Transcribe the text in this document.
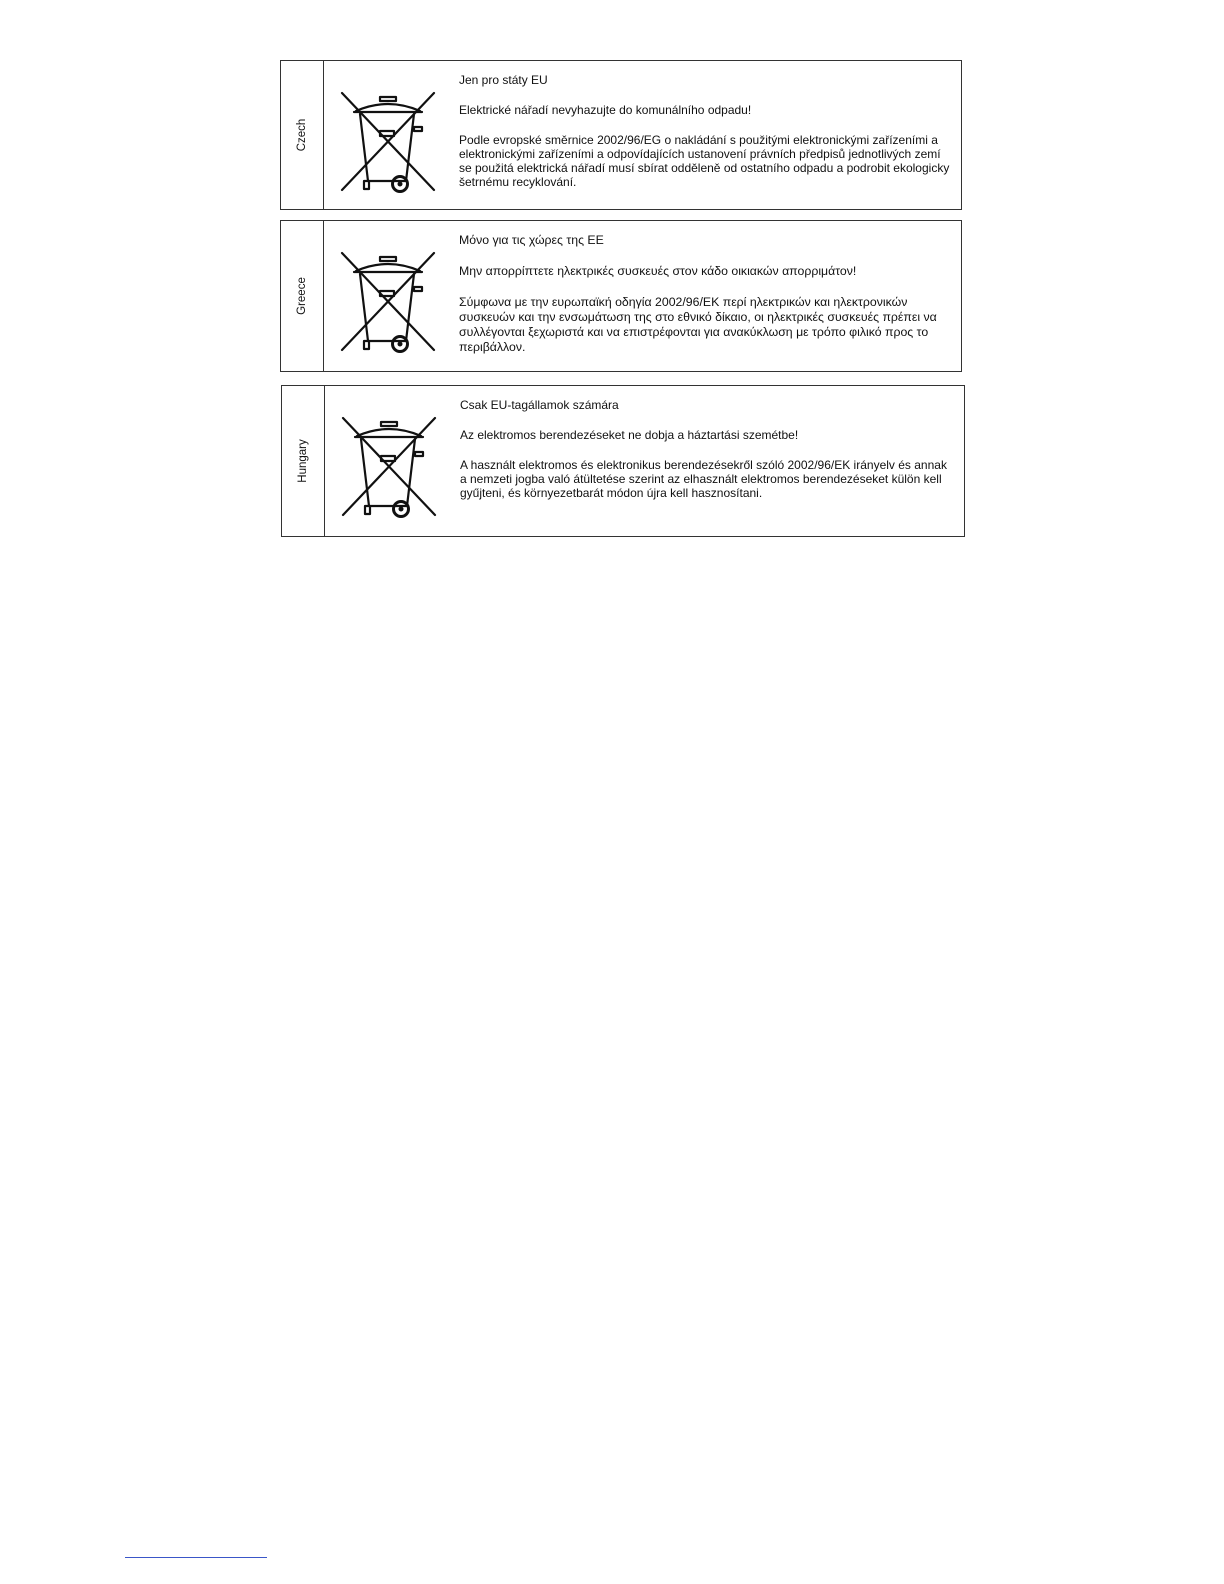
Czech

Jen pro státy EU

Elektrické nářadí nevyhazujte do komunálního odpadu!

Podle evropské směrnice 2002/96/EG o nakládání s použitými elektronickými zařízeními a elektronickými zařízeními a odpovídajících ustanovení právních předpisů jednotlivých zemí se použitá elektrická nářadí musí sbírat odděleně od ostatního odpadu a podrobit ekologicky šetrnému recyklování.

Greece

Μόνο για τις χώρες της ΕΕ

Μην απορρίπτετε ηλεκτρικές συσκευές στον κάδο οικιακών απορριμάτον!

Σύμφωνα με την ευρωπαϊκή οδηγία 2002/96/ΕΚ περί ηλεκτρικών και ηλεκτρονικών συσκευών και την ενσωμάτωση της στο εθνικό δίκαιο, οι ηλεκτρικές συσκευές πρέπει να συλλέγονται ξεχωριστά και να επιστρέφονται για ανακύκλωση με τρόπο φιλικό προς το περιβάλλον.

Hungary

Csak EU-tagállamok számára

Az elektromos berendezéseket ne dobja a háztartási szemétbe!

A használt elektromos és elektronikus berendezésekről szóló 2002/96/EK irányelv és annak a nemzeti jogba való átültetése szerint az elhasznált elektromos berendezéseket külön kell gyűjteni, és környezetbarát módon újra kell hasznosítani.
